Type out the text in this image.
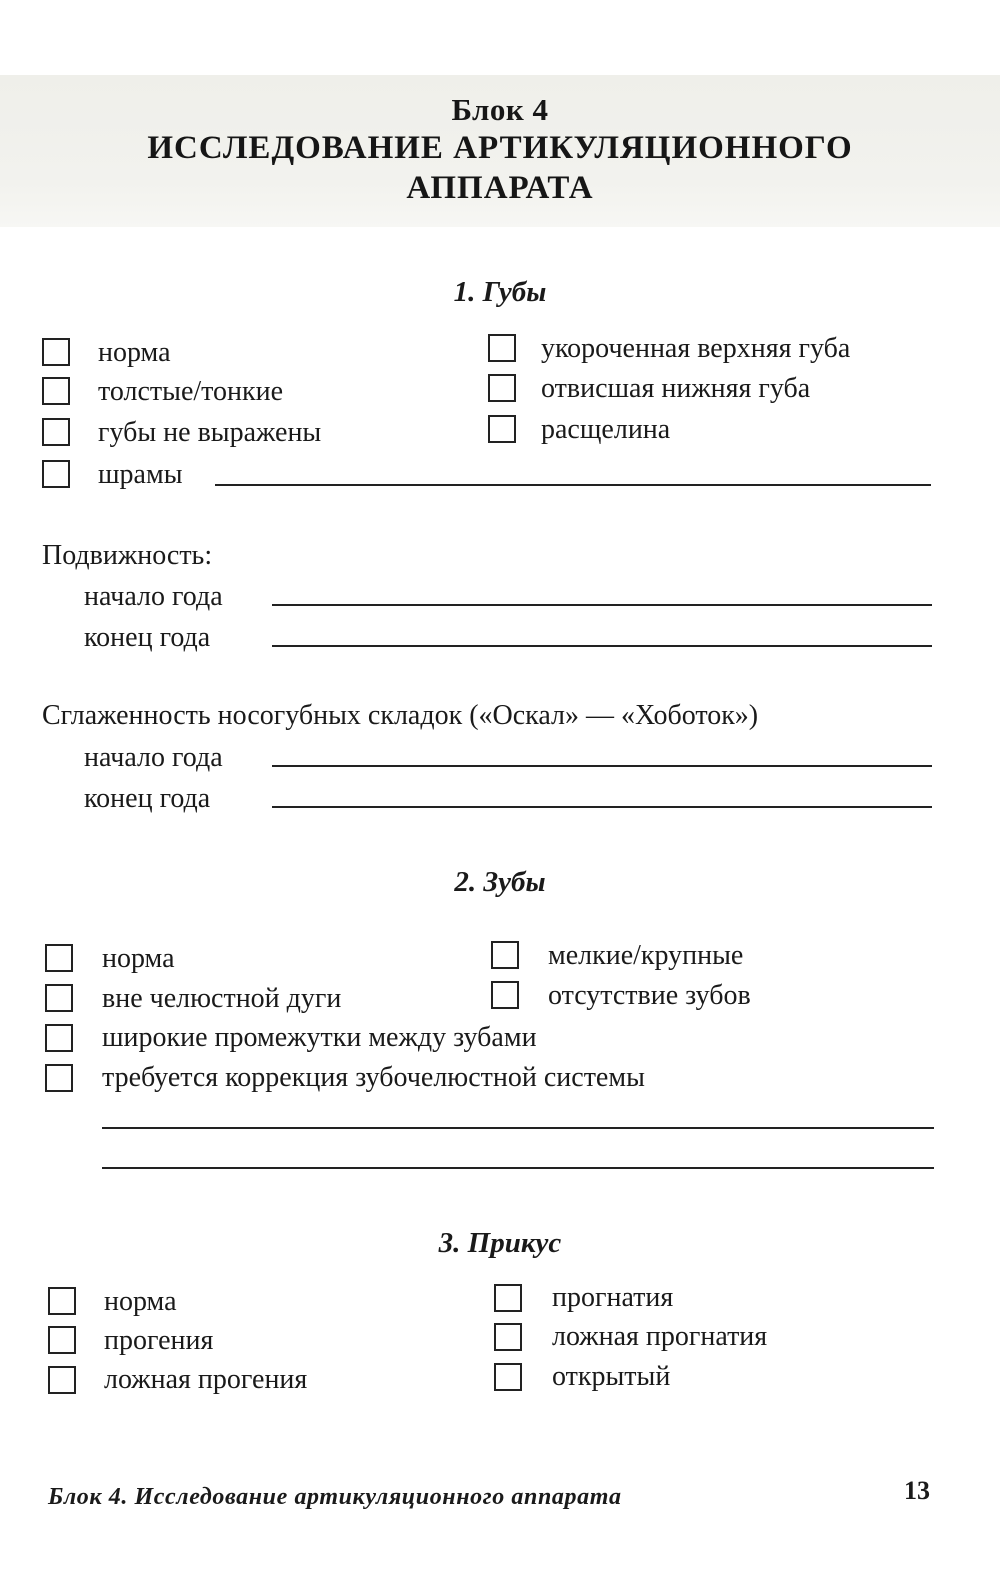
Блок 4
ИССЛЕДОВАНИЕ АРТИКУЛЯЦИОННОГО
АППАРАТА
1. Губы
норма
толстые/тонкие
губы не выражены
шрамы
укороченная верхняя губа
отвисшая нижняя губа
расщелина
Подвижность:
начало года
конец года
Сглаженность носогубных складок («Оскал» — «Хоботок»)
начало года
конец года
2. Зубы
норма
вне челюстной дуги
мелкие/крупные
отсутствие зубов
широкие промежутки между зубами
требуется коррекция зубочелюстной системы
3. Прикус
норма
прогения
ложная прогения
прогнатия
ложная прогнатия
открытый
Блок 4. Исследование артикуляционного аппарата	13
